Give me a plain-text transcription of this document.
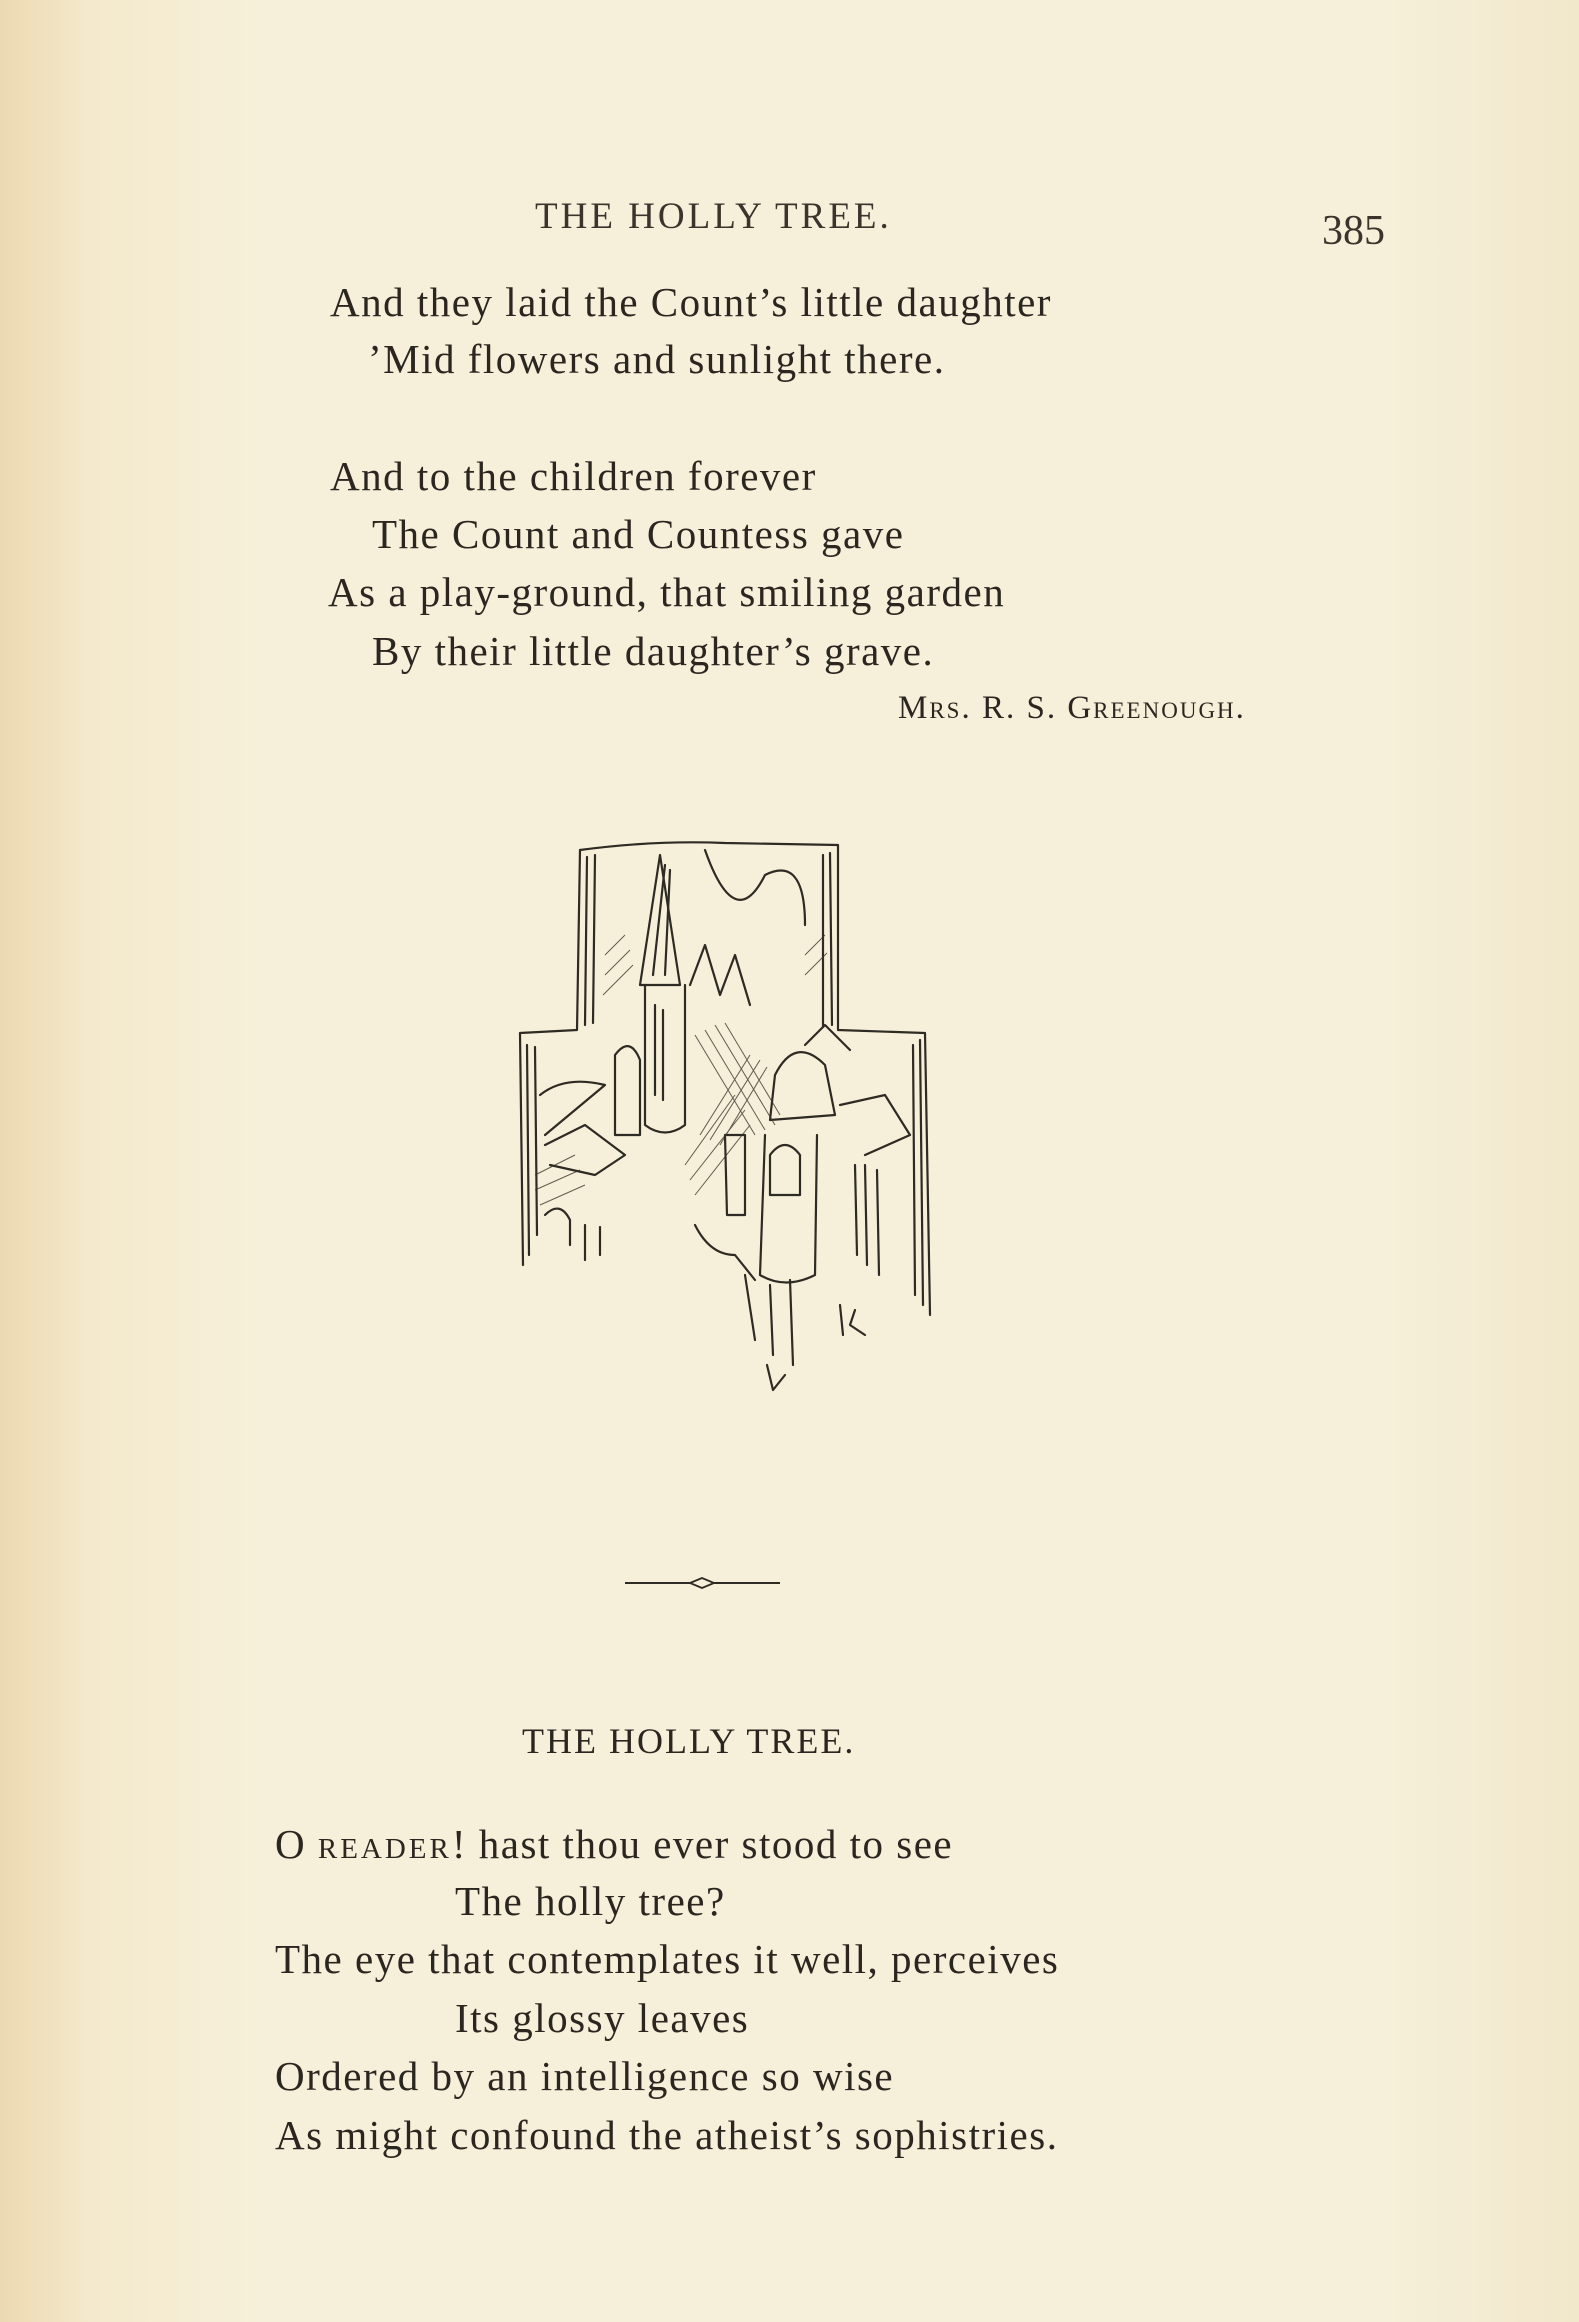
THE HOLLY TREE.	385
And they laid the Count’s little daughter
’Mid flowers and sunlight there.
And to the children forever
The Count and Countess gave
As a play-ground, that smiling garden
By their little daughter’s grave.
Mrs. R. S. Greenough.
THE HOLLY TREE.
O reader! hast thou ever stood to see
The holly tree?
The eye that contemplates it well, perceives
Its glossy leaves
Ordered by an intelligence so wise
As might confound the atheist’s sophistries.
